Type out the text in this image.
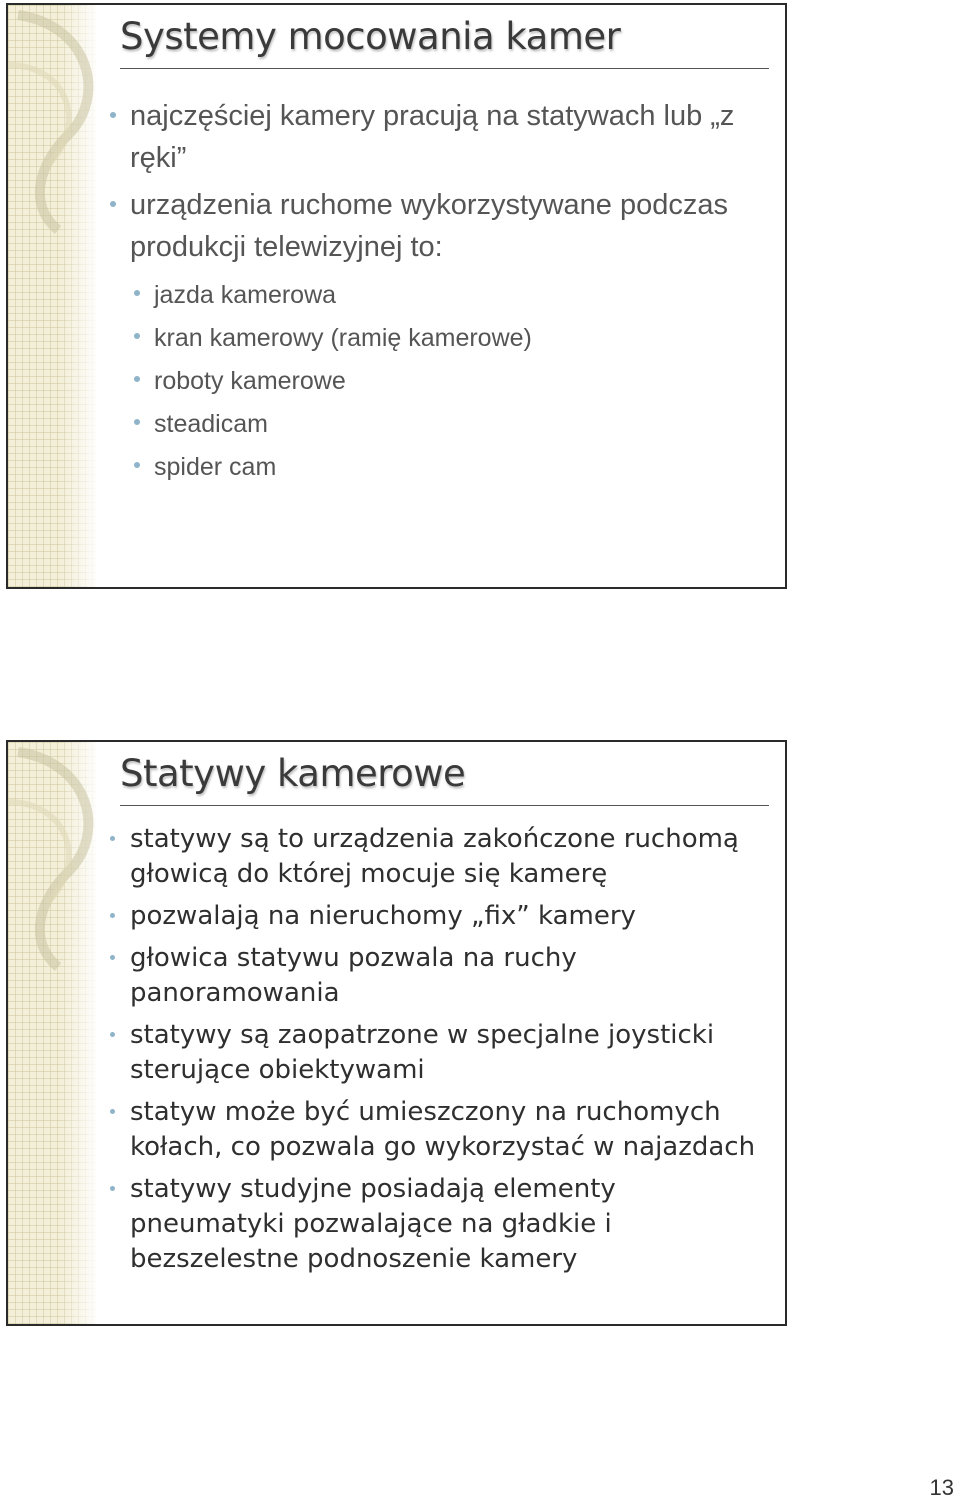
Systemy mocowania kamer
najczęściej kamery pracują na statywach lub „z ręki”
urządzenia ruchome wykorzystywane podczas produkcji telewizyjnej to:
jazda kamerowa
kran kamerowy (ramię kamerowe)
roboty kamerowe
steadicam
spider cam
Statywy kamerowe
statywy są to urządzenia zakończone ruchomą głowicą do której mocuje się kamerę
pozwalają na nieruchomy „fix” kamery
głowica statywu pozwala na ruchy panoramowania
statywy są zaopatrzone w specjalne joysticki sterujące obiektywami
statyw może być umieszczony na ruchomych kołach, co pozwala go wykorzystać w najazdach
statywy studyjne posiadają elementy pneumatyki pozwalające na gładkie i bezszelestne podnoszenie kamery
13
